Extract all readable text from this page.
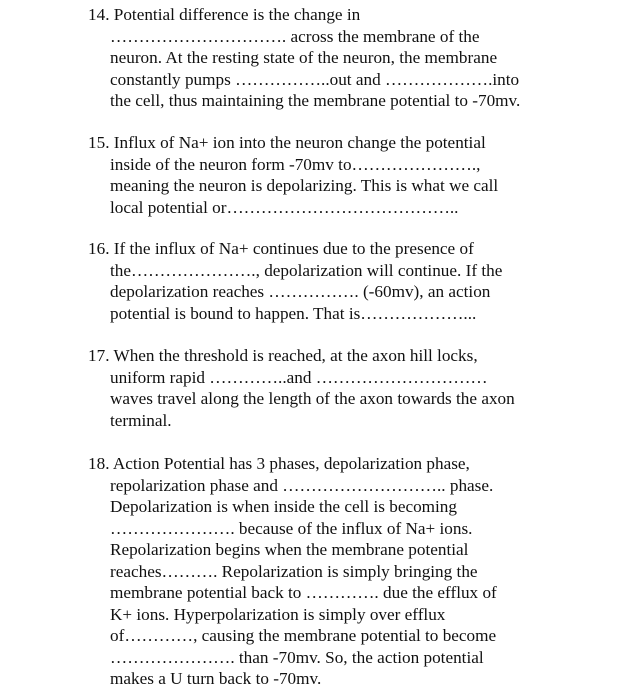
14. Potential difference is the change in
…………………………. across the membrane of the
neuron. At the resting state of the neuron, the membrane
constantly pumps ……………..out and ……………….into
the cell, thus maintaining the membrane potential to -70mv.
15. Influx of Na+ ion into the neuron change the potential
inside of the neuron form -70mv to………………….,
meaning the neuron is depolarizing. This is what we call
local potential or…………………………………..
16. If the influx of Na+ continues due to the presence of
the…………………., depolarization will continue. If the
depolarization reaches ……………. (-60mv), an action
potential is bound to happen. That is………………...
17. When the threshold is reached, at the axon hill locks,
uniform rapid …………..and …………………………
waves travel along the length of the axon towards the axon
terminal.
18. Action Potential has 3 phases, depolarization phase,
repolarization phase and ……………………….. phase.
Depolarization is when inside the cell is becoming
…………………. because of the influx of Na+ ions.
Repolarization begins when the membrane potential
reaches………. Repolarization is simply bringing the
membrane potential back to …………. due the efflux of
K+ ions. Hyperpolarization is simply over efflux
of…………, causing the membrane potential to become
…………………. than -70mv. So, the action potential
makes a U turn back to -70mv.
